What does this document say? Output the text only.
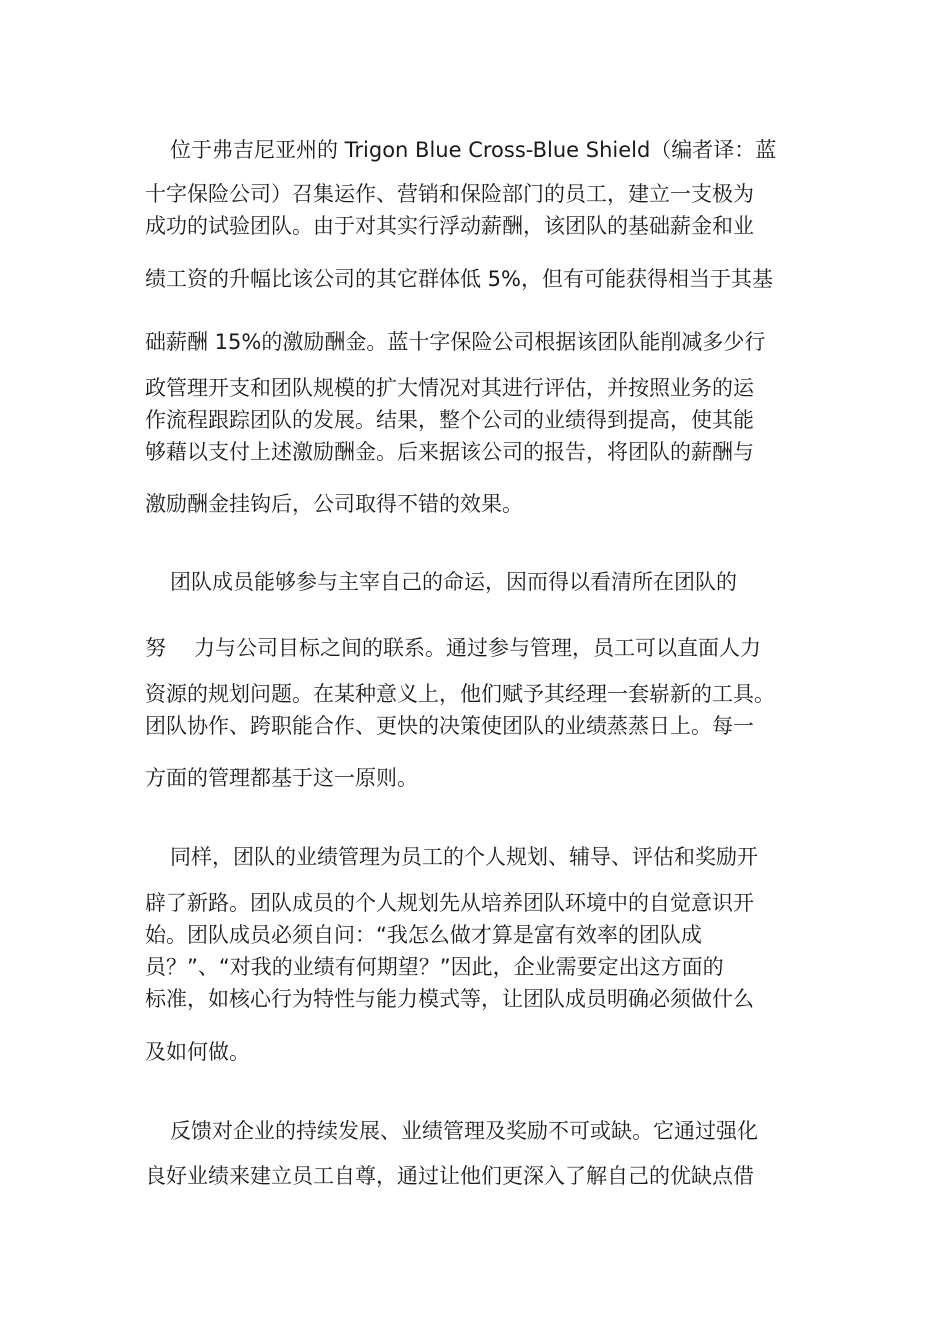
位于弗吉尼亚州的 Trigon Blue Cross-Blue Shield（编者译：蓝
十字保险公司）召集运作、营销和保险部门的员工，建立一支极为
成功的试验团队。由于对其实行浮动薪酬，该团队的基础薪金和业
绩工资的升幅比该公司的其它群体低 5%，但有可能获得相当于其基
础薪酬 15%的激励酬金。蓝十字保险公司根据该团队能削减多少行
政管理开支和团队规模的扩大情况对其进行评估，并按照业务的运
作流程跟踪团队的发展。结果，整个公司的业绩得到提高，使其能
够藉以支付上述激励酬金。后来据该公司的报告，将团队的薪酬与
激励酬金挂钩后，公司取得不错的效果。
团队成员能够参与主宰自己的命运，因而得以看清所在团队的
努 力与公司目标之间的联系。通过参与管理，员工可以直面人力
资源的规划问题。在某种意义上，他们赋予其经理一套崭新的工具。
团队协作、跨职能合作、更快的决策使团队的业绩蒸蒸日上。每一
方面的管理都基于这一原则。
同样，团队的业绩管理为员工的个人规划、辅导、评估和奖励开
辟了新路。团队成员的个人规划先从培养团队环境中的自觉意识开
始。团队成员必须自问：“我怎么做才算是富有效率的团队成
员？”、“对我的业绩有何期望？”因此，企业需要定出这方面的
标准，如核心行为特性与能力模式等，让团队成员明确必须做什么
及如何做。
反馈对企业的持续发展、业绩管理及奖励不可或缺。它通过强化
良好业绩来建立员工自尊，通过让他们更深入了解自己的优缺点借
